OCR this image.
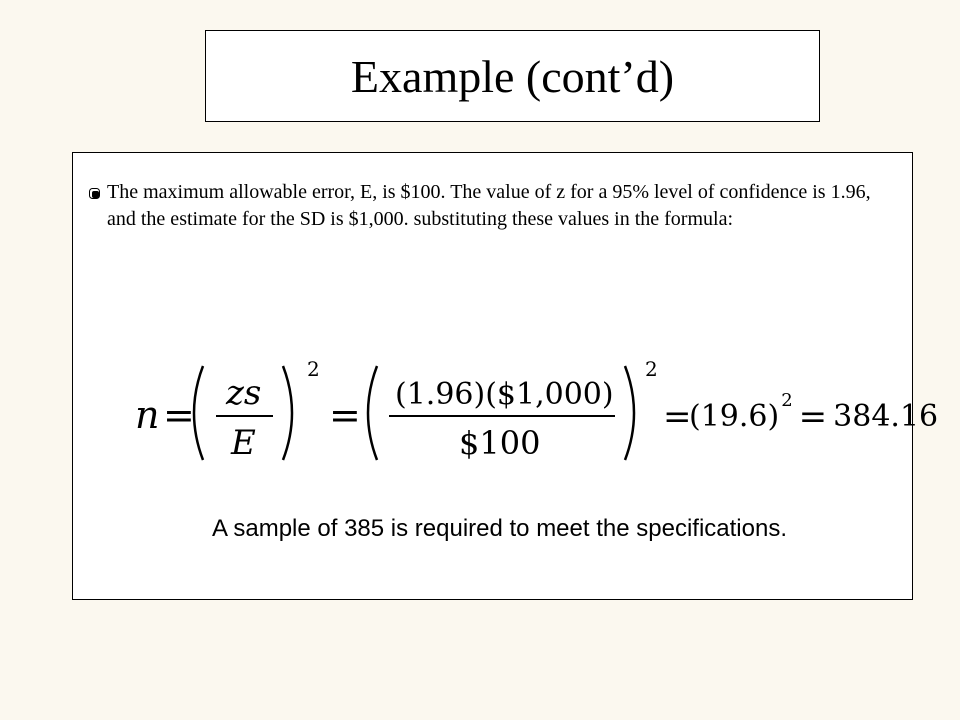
Example (cont’d)
The maximum allowable error, E, is $100. The value of z for a 95% level of confidence is 1.96, and the estimate for the SD is $1,000. substituting these values in the formula:
n = zs
E
2
= (1.96)($1,000)
$100
2
=
(19.6) 2 = 384.16
A sample of 385 is required to meet the specifications.
